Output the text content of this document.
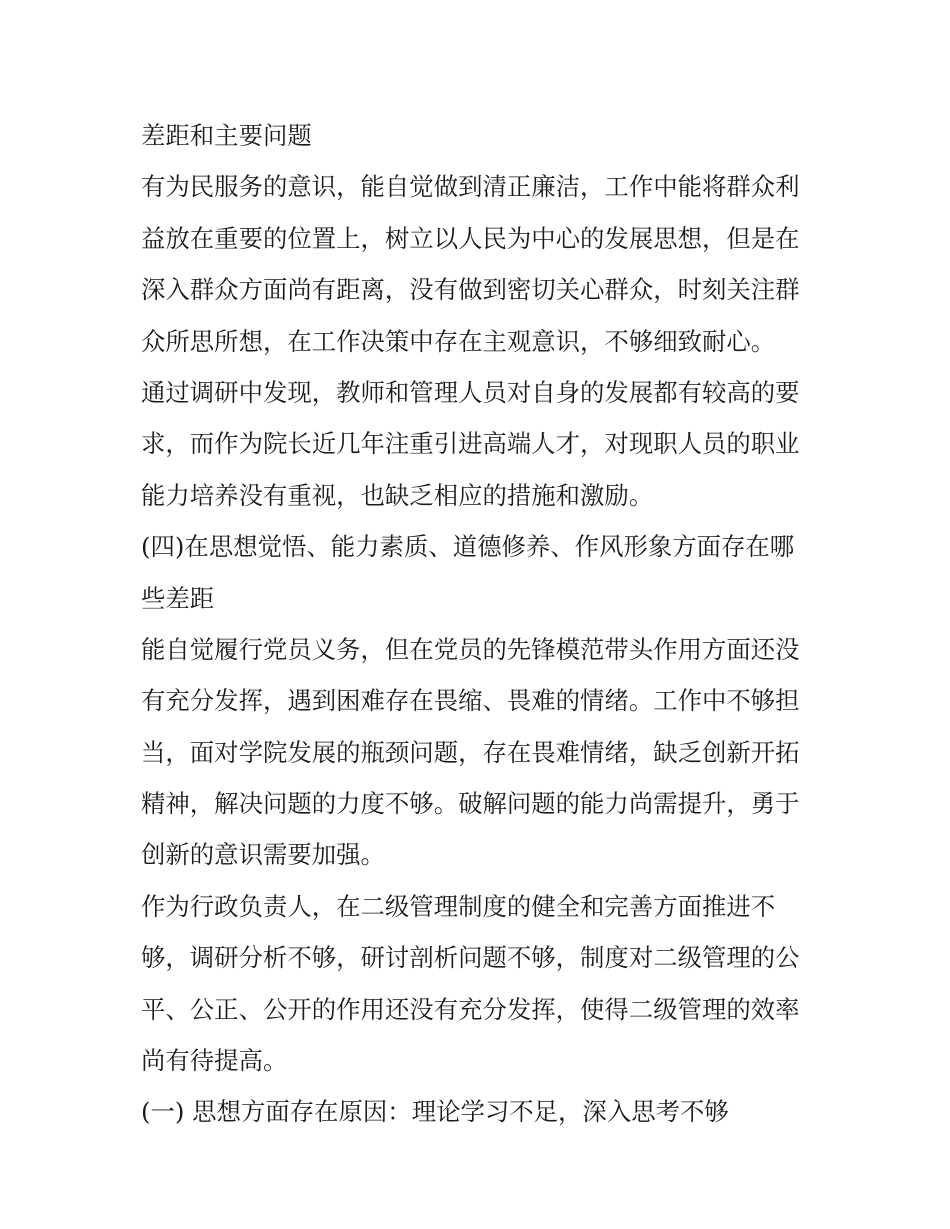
差距和主要问题
有为民服务的意识，能自觉做到清正廉洁，工作中能将群众利
益放在重要的位置上，树立以人民为中心的发展思想，但是在
深入群众方面尚有距离，没有做到密切关心群众，时刻关注群
众所思所想，在工作决策中存在主观意识，不够细致耐心。
通过调研中发现，教师和管理人员对自身的发展都有较高的要
求，而作为院长近几年注重引进高端人才，对现职人员的职业
能力培养没有重视，也缺乏相应的措施和激励。
(四)在思想觉悟、能力素质、道德修养、作风形象方面存在哪
些差距
能自觉履行党员义务，但在党员的先锋模范带头作用方面还没
有充分发挥，遇到困难存在畏缩、畏难的情绪。工作中不够担
当，面对学院发展的瓶颈问题，存在畏难情绪，缺乏创新开拓
精神，解决问题的力度不够。破解问题的能力尚需提升，勇于
创新的意识需要加强。
作为行政负责人，在二级管理制度的健全和完善方面推进不
够，调研分析不够，研讨剖析问题不够，制度对二级管理的公
平、公正、公开的作用还没有充分发挥，使得二级管理的效率
尚有待提高。
(一) 思想方面存在原因：理论学习不足，深入思考不够
